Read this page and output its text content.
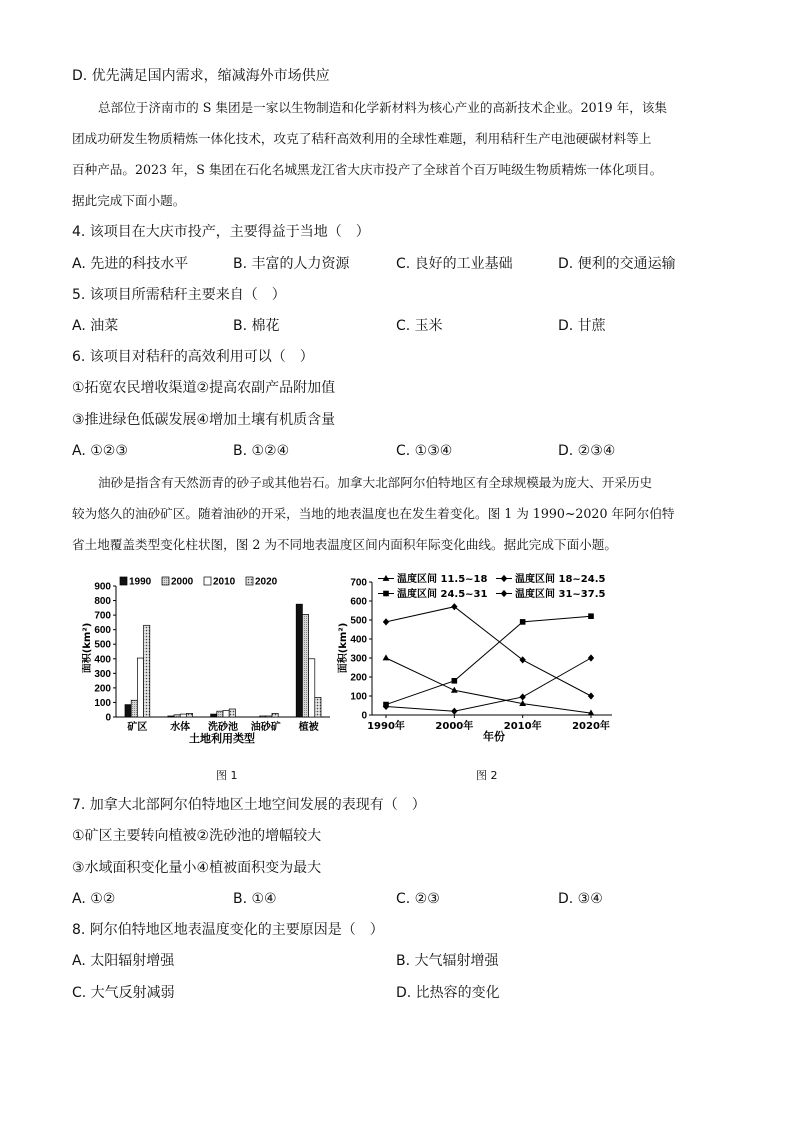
D. 优先满足国内需求，缩减海外市场供应
总部位于济南市的 S 集团是一家以生物制造和化学新材料为核心产业的高新技术企业。2019 年，该集
团成功研发生物质精炼一体化技术，攻克了秸秆高效利用的全球性难题，利用秸秆生产电池硬碳材料等上
百种产品。2023 年，S 集团在石化名城黑龙江省大庆市投产了全球首个百万吨级生物质精炼一体化项目。
据此完成下面小题。
4. 该项目在大庆市投产，主要得益于当地（　）
A. 先进的科技水平	B. 丰富的人力资源	C. 良好的工业基础	D. 便利的交通运输
5. 该项目所需秸秆主要来自（　）
A. 油菜	B. 棉花	C. 玉米	D. 甘蔗
6. 该项目对秸秆的高效利用可以（　）
①拓宽农民增收渠道②提高农副产品附加值
③推进绿色低碳发展④增加土壤有机质含量
A. ①②③	B. ①②④	C. ①③④	D. ②③④
油砂是指含有天然沥青的砂子或其他岩石。加拿大北部阿尔伯特地区有全球规模最为庞大、开采历史
较为悠久的油砂矿区。随着油砂的开采，当地的地表温度也在发生着变化。图 1 为 1990~2020 年阿尔伯特
省土地覆盖类型变化柱状图，图 2 为不同地表温度区间内面积年际变化曲线。据此完成下面小题。
0
100
200
300
400
500
600
700
800
900
矿区 水体 洗砂池 油砂矿 植被
1990 2000 2010 2020
土地利用类型
面积(km²)
0
100
200
300
400
500
600
700
1990年	2000年	2010年	2020年
温度区间 11.5~18	温度区间 18~24.5
温度区间 24.5~31	温度区间 31~37.5
年份
面积(km²)
图 1	图 2
7. 加拿大北部阿尔伯特地区土地空间发展的表现有（　）
①矿区主要转向植被②洗砂池的增幅较大
③水域面积变化量小④植被面积变为最大
A. ①②	B. ①④	C. ②③	D. ③④
8. 阿尔伯特地区地表温度变化的主要原因是（　）
A. 太阳辐射增强	B. 大气辐射增强
C. 大气反射减弱	D. 比热容的变化
